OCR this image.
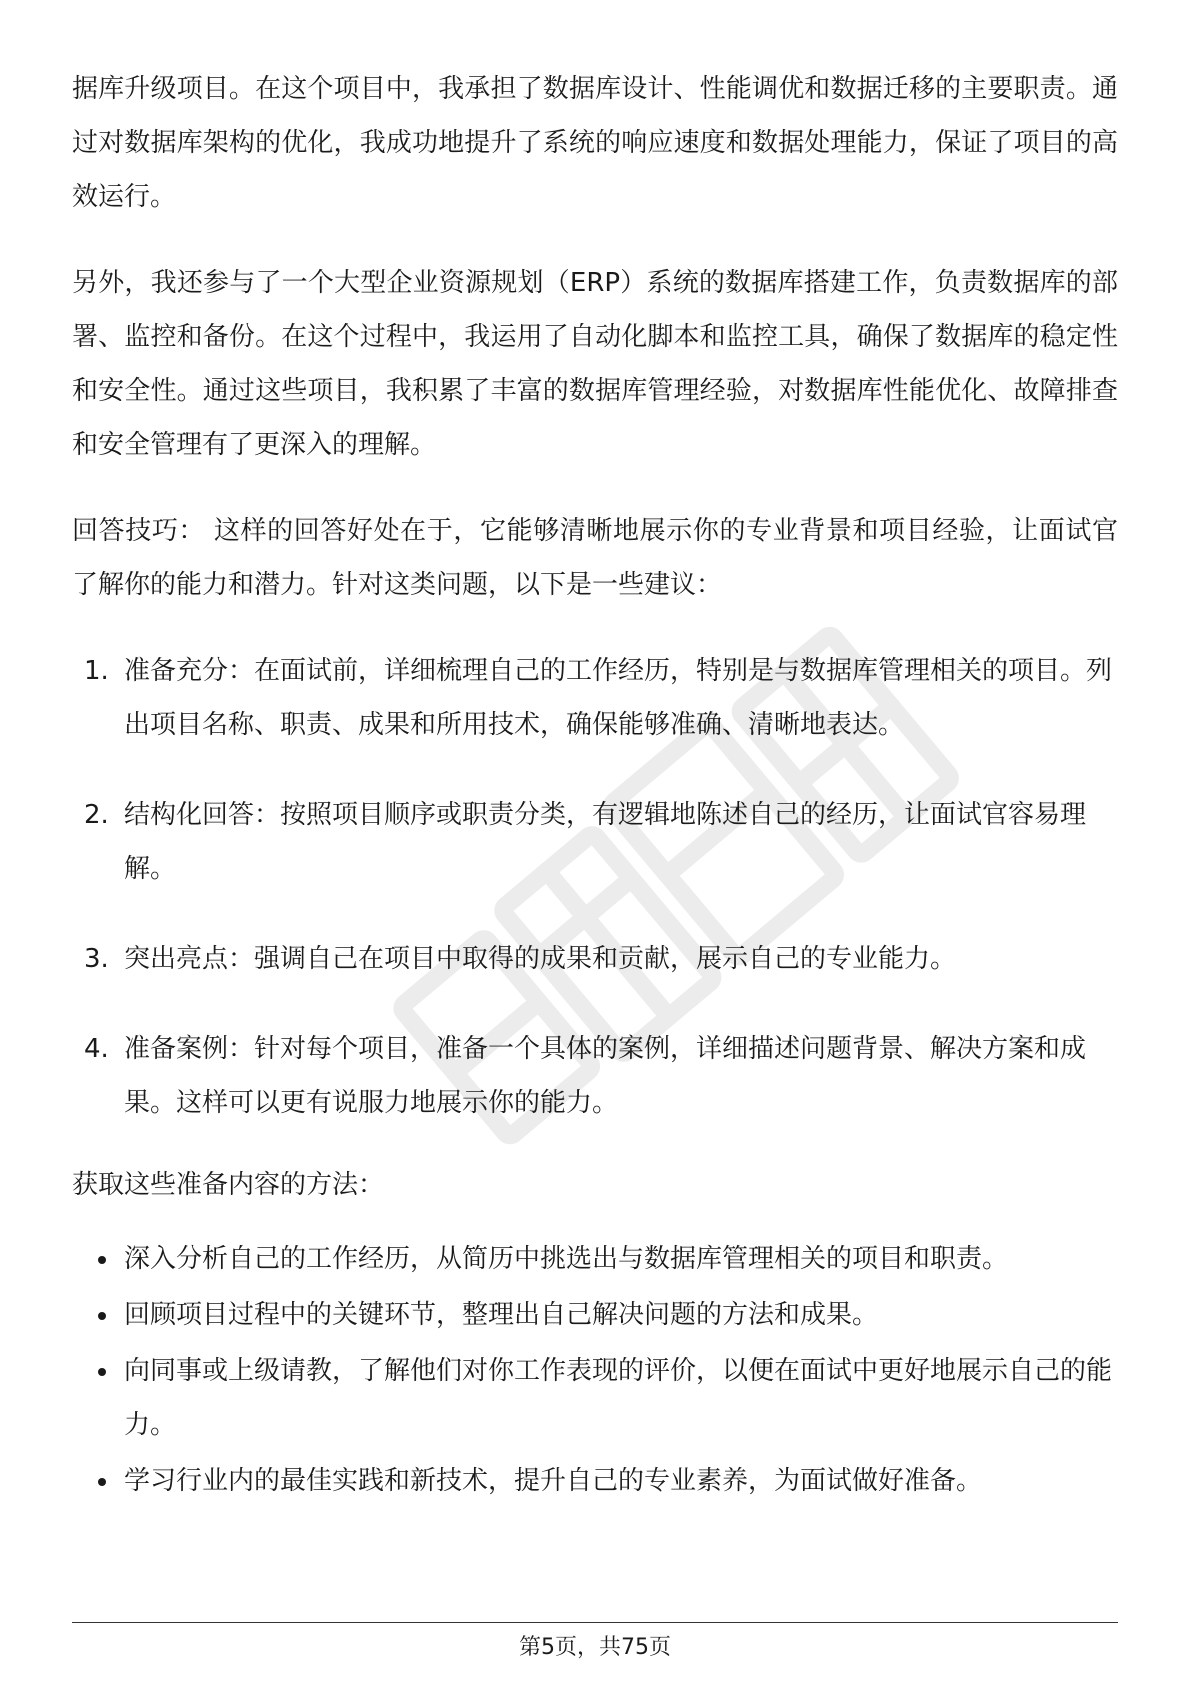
据库升级项目。在这个项目中，我承担了数据库设计、性能调优和数据迁移的主要职责。通过对数据库架构的优化，我成功地提升了系统的响应速度和数据处理能力，保证了项目的高效运行。

另外，我还参与了一个大型企业资源规划（ERP）系统的数据库搭建工作，负责数据库的部署、监控和备份。在这个过程中，我运用了自动化脚本和监控工具，确保了数据库的稳定性和安全性。通过这些项目，我积累了丰富的数据库管理经验，对数据库性能优化、故障排查和安全管理有了更深入的理解。

回答技巧： 这样的回答好处在于，它能够清晰地展示你的专业背景和项目经验，让面试官了解你的能力和潜力。针对这类问题，以下是一些建议：

1. 准备充分：在面试前，详细梳理自己的工作经历，特别是与数据库管理相关的项目。列出项目名称、职责、成果和所用技术，确保能够准确、清晰地表达。
2. 结构化回答：按照项目顺序或职责分类，有逻辑地陈述自己的经历，让面试官容易理解。
3. 突出亮点：强调自己在项目中取得的成果和贡献，展示自己的专业能力。
4. 准备案例：针对每个项目，准备一个具体的案例，详细描述问题背景、解决方案和成果。这样可以更有说服力地展示你的能力。

获取这些准备内容的方法：

深入分析自己的工作经历，从简历中挑选出与数据库管理相关的项目和职责。
回顾项目过程中的关键环节，整理出自己解决问题的方法和成果。
向同事或上级请教，了解他们对你工作表现的评价，以便在面试中更好地展示自己的能力。
学习行业内的最佳实践和新技术，提升自己的专业素养，为面试做好准备。
第5页，共75页
